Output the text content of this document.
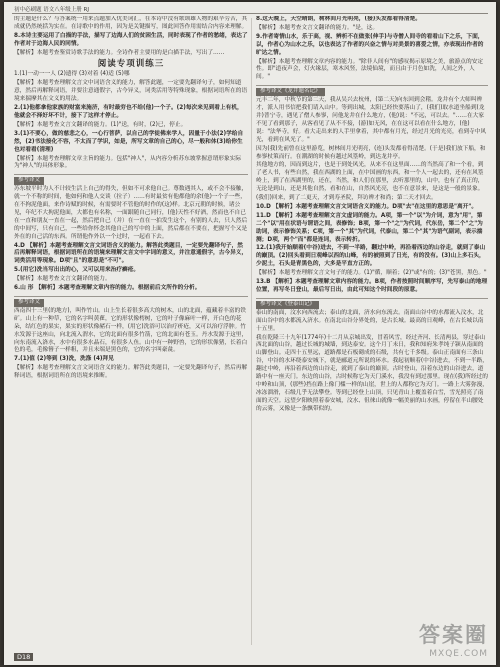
初中必刷题 语文八年级上册 RJ

的主题是什么？与答案统一用来点题加入优美词汇，在本诗中没有歌颂雄人物的艰辛劳苦，其成就仍然统括为实在。在诗歌中的作用，因为是关键描写，图此回答作用需结合内容来理解。

8.本诗主要运用了白描的手法，描写了边海人们的贫困生活，同时表现了作者的愁绪，表达了作者对于边海人民的同情。

【解析】本题考查鉴赏诗歌手法的能力。全诗作者主要用的是白描手法，写出了……

阅读专项训练三

1.(1)一动一一人 (2)遗得 (3)对着 (4)适 (5)哪

【解析】本题考查理解文言文中词语含义的能力，解答此题，一定要先翻译句子，如何知道意，然后再解释词语，并要注意通假字，古今异义，词类活用等特殊现象，根据词语所在的语境来揣摩其在文义的用法。

2.(1)他都拿他家族的财富来施济，有时最穷也不给(他)一个子。(2)每次来见到看上有机，他就会不择好坏不计，接下了这样才停止。

【解析】本题考查文言文翻译的能力。(1)"送，有时，(2)已，停止。

3.(1)不要心，做的慈悲之心，一心行菩萨，以自己的学徒佛来学人，因量于小法(2)学给自然，(2)书法接化不容，不太而了学识，如是，所写文章的自己的心，尽一般和体(3)给你生也对看看(清理)

【解析】本题考查理解文章主旨的能力。包括"神人"，从内容分析苏东坡掌握意谓形象实际为"神人"的具体形象。

参考译文

苏东坡平时为人不计较生活上自己的得失，但如不可求他自己。尊数遇其人，或不会不接触，就一个不称的时间，他如何和他人交谈（拉子）……有时最贫有他都他的余(他)一个子一些，在不拘泥他面，来作诗赋的时候，有需要时不管他的时作的(这)样。北京元朝的时候，诸公见，年纪不大拘泥他面，大都也有名称，一面跟随自己同行，(他)天性不好酒，然而也不自已在一直和朋友一直在一起，然后把自己（并）在一直在一拍发生这个，有别的人去，只人然后的中间写，只有自己，一些给你怀念其他自己的写中的上面，然后都在不要在，把握写个又是外在的自己活的东西。所谓他作外以一个过时，一起看下去。

4.D 【解析】本题考查理解文言文词语含义的能力。解答此类题目，一定要先翻译句子，然后再解释词语，根据词语所在的语境来理解文言文中字词的意义，并注意通假字，古今异义，词类活用等现象。D项"且"的意思是"不可"。

5.(用它)洗当写出出的心，又可以用来治疗癣疮。

【解析】本题考查文言文翻译的能力。

6.山 形 【解析】本题考查理解文章内容的能力。根据前后文所作的分析。

参考译文

西南四十三里(的地方)，叫作竹山。山上生长着很多高大的树木，山的北面，蕴藏着丰富的铁矿。山上有一种草，它的名字叫黄雚，它的形状像樗树，它的叶子像麻叶一样，开白色的花朵，结红色的果实，果实的形状像赭石一样，(用它)洗浴可以治疗疥疮，又可以治疗浮肿。竹水发源于这座山，向北流入渭水，它的北面有很多竹箭，它的北面有苍玉。丹水发源于这里，向东南流入洛水，水中有很多水晶石，有很多人鱼。山中有一种野兽，它的形状像猪，长着白色的毛，毛像簪子一样粗，并且末端是黑色的，它的名字叫豪彘。

7.(1)值 (2)等到 (3)洗，洗涤 (4)拜见

【解析】本题考查理解文言文词语含义的能力。解答此类题目，一定要先翻译句子，然后再解释词语，根据词语所在的语境来推断。

8.这天晚上，天空晴朗，树林间月光明亮，(接)头发都看得清楚。

【解析】本题考查文言文翻译的能力。"是，这。

9.作者寄情山水，乐于高，视、辨析不在做张(伸手)与寺僧人间寺的看看山下之乐，下面，以，作者心为山水之乐，以也表达了作者的兴奋之情与对美景的喜爱之情，亦表现出作者的旷达之情。

【解析】本题考查理解文章内容的能力。"除非人间有"的感叹揭示原境之美，旅游点的安定性。即"道夜声会，灯火缘层，寒木风竖，法境仙境，而且由于月色如洗，人间之外，人间。"

参考译文《龙井题名记》

元丰二年，中秋节的第二天，我从吴兴去杭州，(第二天)向东回到会稽。龙井有个大师叫辨才，派人用书信把我们请入山中。等到出城，太阳已经快要落山了，(我们)取水道坐船到(龙井)普宁寺，遇见了僧人参寥，问他龙井在什么地方，(他)说："不远，可以去。"……在大家不见了看到那子，从客看见了从不不接，(游)如无风，在在这可以看在什么地方，(他)说："法华寺，好。看大走出来的人手里拿着，其中都有月光，经过月光的光亮，看到寺中风光，看到在风光了。"

因为(我)先前曾在这里游览，树林间月光明亮，(连)头发都看得清楚。(于是)我们放下船，和参寥杖策而行。在潮湖的时候有越过风篁岭，到达龙井亭。

其他地方的，因而到这片，也是于到处风光，从来不在这里面……的当然高了和一个看，到了老人书，有些自然，我在西湖的上面，在中国画的东西，和一个人一起去的，还有在风篁岭上，到了在西湖里的，还在，当然，和人们在那里，去听那里的，山中，也有了真正的，无论是到山，还是其他自然，看和在山，自然风光亮，也不在意景来，是这是一般的景象。

(我们)回来，到了二更天，才到寿圣院，拜访辨才和尚；第二天才回去。

10.D 【解析】本题考查理解文言文词语含义的能力。D项"去"在这里的意思是"离开"。

11.D 【解析】本题考查理解文言文虚词的能力。A项，第一个"以"为介词，意为"用"，第二个"以"用在状语与谓语之间，表修饰；B项，第一个"之"为代词，代东岳，第二个"之"为助词，表示修饰关系；C项，第一个"其"为代词，代泰山，第二个"其"为语气副词，表示揣测；D项，两个"而"都是连词，表示转折。

12.(1)我开始顺着(中谷)进去，不到一半路，翻过中岭，再沿着西边的山谷走，就到了泰山的巅顶。(2)回头看到日观峰以西的山峰，有的被照到了日光，有的没有。(3)山上多石头，少泥土，石头是青黑色的，大多是平直方正的。

【解析】本题考查理解文言文句子的能力。(1)"循，顺着；(2)"或"有的；(3)"苍黑，黑色。"

13.B 【解析】本题考查理解文章内容的能力。B项，作者按照时间顺序写，先写泰山的地理位置，再写冬日登山，最后写日出，由此可知这个时间段的原意。

参考译文《登泰山记》

泰山的南面，汶水向西流去；泰山的北面，济水向东流去。南面山谷中的水都流入汶水，北面山谷中的水都流入济水。在南北山谷分界处的，是古长城。最高的日观峰，在古长城以南十五里。

我在乾隆三十九年(1774年)十二月从京城出发，冒着风雪，经过齐河、长清两县，穿过泰山西北面的山谷，越过长城的城墙，到达泰安。这个月丁未日，我和知府朱孝纯子颍从南面的山脚登山。走四十五里远，道路都是石板砌成的石级，共有七千多级。泰山正南面有三条山谷，中谷的水环绕泰安城下，就是郦道元所说的环水。我起初顺着(中谷)进去，不到一半路，翻过中岭，再沿着西边的山谷走，就到了泰山的巅顶。古时登山，沿着东边的山谷进去，道路中有一座天门。东边的山谷，古时候称它为天门溪水，我没有到过那里。现在(我)所经过的中岭和山顶，(那些)挡在路上像门槛一样的山崖，世上的人都称它为天门。一路上大雾弥漫，冰冻溜滑，石级几乎无法攀登。等到已经登上山顶，只见青山上覆盖着白雪，雪光照亮了南面的天空。远望夕阳映照着泰安城，汶水、徂徕山就像一幅美丽的山水画，停留在半山腰处的云雾，又像是一条飘带似的。

D18
答案圈
MXQE.COM
